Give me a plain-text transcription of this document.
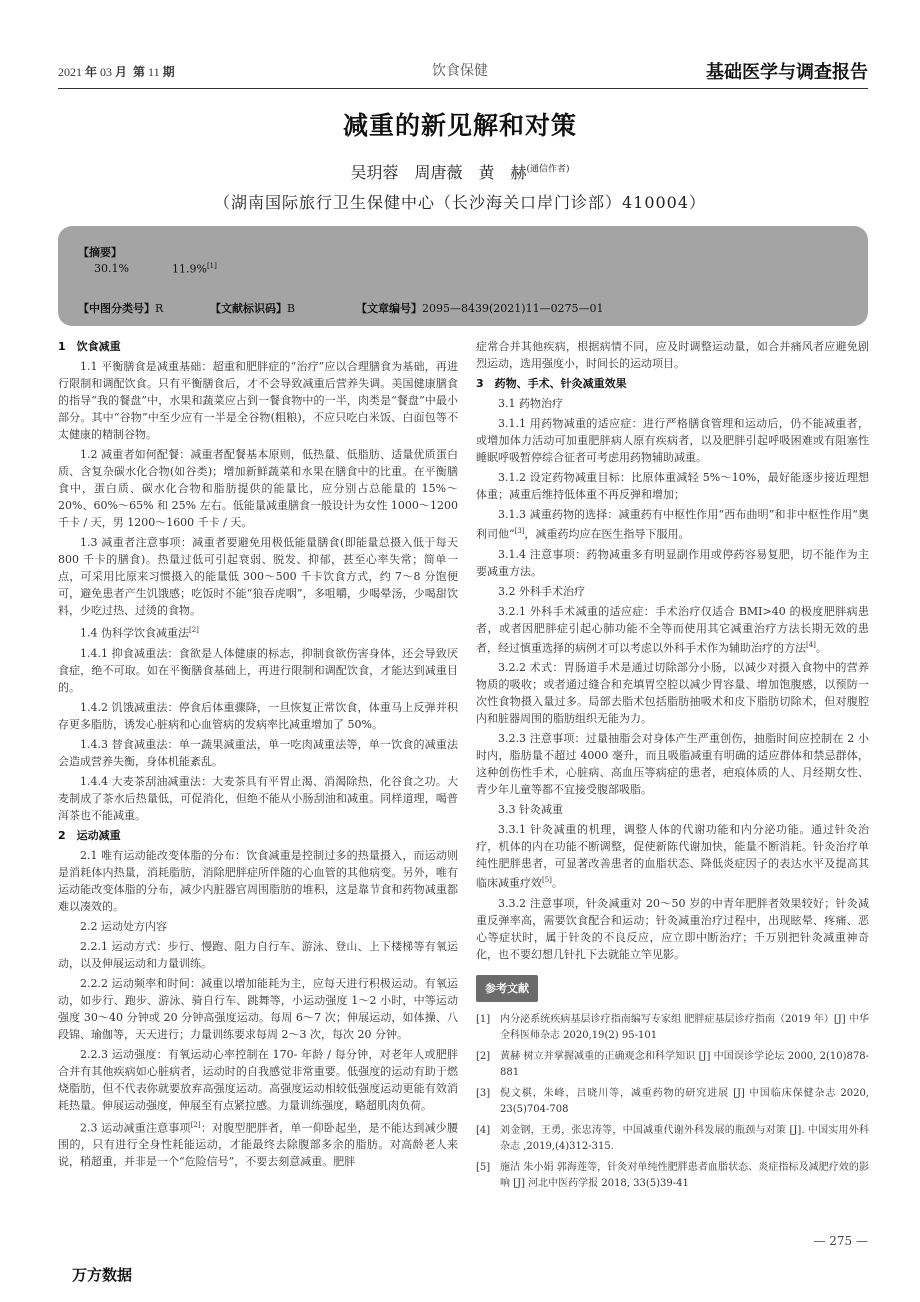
2021 年 03 月 第 11 期	饮食保健	基础医学与调查报告
减重的新见解和对策
吴玥蓉　周唐薇　黄　赫$^{(通信作者)}$
（湖南国际旅行卫生保健中心（长沙海关口岸门诊部）410004）
【摘要】
30.1%	11.9%[1]
【中图分类号】R	【文献标识码】B	【文章编号】2095—8439(2021)11—0275—01
1　饮食减重

1.1 平衡膳食是减重基础：超重和肥胖症的“治疗”应以合理膳食为基础，再进行限制和调配饮食。只有平衡膳食后，才不会导致减重后营养失调。美国健康膳食的指导“我的餐盘”中，水果和蔬菜应占到一餐食物中的一半，肉类是“餐盘”中最小部分。其中“谷物”中至少应有一半是全谷物(粗粮)，不应只吃白米饭、白面包等不太健康的精制谷物。

1.2 减重者如何配餐：减重者配餐基本原则，低热量、低脂肪、适量优质蛋白质、含复杂碳水化合物(如谷类)；增加新鲜蔬菜和水果在膳食中的比重。在平衡膳食中，蛋白质、碳水化合物和脂肪提供的能量比，应分别占总能量的 15%～20%、60%～65% 和 25% 左右。低能量减重膳食一般设计为女性 1000～1200 千卡 / 天，男 1200～1600 千卡 / 天。

1.3 减重者注意事项：减重者要避免用极低能量膳食(即能量总摄入低于每天 800 千卡的膳食)。热量过低可引起衰弱、脱发、抑郁，甚至心率失常；简单一点，可采用比原来习惯摄入的能量低 300～500 千卡饮食方式，约 7～8 分饱便可，避免患者产生饥饿感；吃饭时不能“狼吞虎咽”，多咀嚼，少喝晕汤，少喝甜饮料，少吃过热、过烫的食物。

1.4 伪科学饮食减重法[2]

1.4.1 抑食减重法：食欲是人体健康的标志，抑制食欲伤害身体，还会导致厌食症，绝不可取。如在平衡膳食基础上，再进行限制和调配饮食，才能达到减重目的。

1.4.2 饥饿减重法：停食后体重骤降，一旦恢复正常饮食，体重马上反弹并积存更多脂肪，诱发心脏病和心血管病的发病率比减重增加了 50%。

1.4.3 替食减重法：单一蔬果减重法，单一吃肉减重法等，单一饮食的减重法会造成营养失衡，身体机能紊乱。

1.4.4 大麦茶刮油减重法：大麦茶具有平胃止渴、消渴除热，化谷食之功。大麦制成了茶水后热量低，可促消化，但绝不能从小肠刮油和减重。同样道理，喝普洱茶也不能减重。

2　运动减重

2.1 唯有运动能改变体脂的分布：饮食减重是控制过多的热量摄入，而运动则是消耗体内热量，消耗脂肪，消除肥胖症所伴随的心血管的其他病变。另外，唯有运动能改变体脂的分布，减少内脏器官周围脂肪的堆积，这是靠节食和药物减重都难以凑效的。

2.2 运动处方内容

2.2.1 运动方式：步行、慢跑、阻力自行车、游泳、登山、上下楼梯等有氧运动，以及伸展运动和力量训练。

2.2.2 运动频率和时间：减重以增加能耗为主，应每天进行积极运动。有氧运动，如步行、跑步、游泳、骑自行车、跳舞等，小运动强度 1～2 小时，中等运动强度 30～40 分钟或 20 分钟高强度运动。每周 6～7 次；伸展运动，如体操、八段锦、瑜伽等，天天进行；力量训练要求每周 2～3 次，每次 20 分钟。

2.2.3 运动强度：有氧运动心率控制在 170- 年龄 / 每分钟，对老年人或肥胖合并有其他疾病如心脏病者，运动时的自我感觉非常重要。低强度的运动有助于燃烧脂肪，但不代表你就要放弃高强度运动。高强度运动相较低强度运动更能有效消耗热量。伸展运动强度，伸展至有点紧拉感。力量训练强度，略超肌肉负荷。

2.3 运动减重注意事项[2]：对腹型肥胖者，单一仰卧起坐，是不能达到减少腰围的，只有进行全身性耗能运动，才能最终去除腹部多余的脂肪。对高龄老人来说，稍超重，并非是一个“危险信号”，不要去刻意减重。肥胖

症常合并其他疾病，根据病情不同，应及时调整运动量，如合并痛风者应避免剧烈运动，选用强度小，时间长的运动项目。

3　药物、手术、针灸减重效果

3.1 药物治疗

3.1.1 用药物减重的适应症：进行严格膳食管理和运动后，仍不能减重者，或增加体力活动可加重肥胖病人原有疾病者，以及肥胖引起呼吸困难或有阻塞性睡眠呼吸暂停综合征者可考虑用药物辅助减重。

3.1.2 设定药物减重目标：比原体重减轻 5%～10%，最好能逐步接近理想体重；减重后维持低体重不再反弹和增加；

3.1.3 减重药物的选择：减重药有中枢性作用“西布曲明”和非中枢性作用“奥利司他”[3]，减重药均应在医生指导下服用。

3.1.4 注意事项：药物减重多有明显副作用或停药容易复肥，切不能作为主要减重方法。

3.2 外科手术治疗

3.2.1 外科手术减重的适应症：手术治疗仅适合 BMI>40 的极度肥胖病患者，或者因肥胖症引起心肺功能不全等而使用其它减重治疗方法长期无效的患者，经过慎重选择的病例才可以考虑以外科手术作为辅助治疗的方法[4]。

3.2.2 术式：胃肠道手术是通过切除部分小肠，以减少对摄入食物中的营养物质的吸收；或者通过缝合和充填胃空腔以减少胃容量、增加饱腹感，以预防一次性食物摄入量过多。局部去脂术包括脂肪抽吸术和皮下脂肪切除术，但对腹腔内和脏器周围的脂肪组织无能为力。

3.2.3 注意事项：过量抽脂会对身体产生严重创伤，抽脂时间应控制在 2 小时内，脂肪量不超过 4000 毫升，而且吸脂减重有明确的适应群体和禁忌群体，这种创伤性手术，心脏病、高血压等病症的患者，疤痕体质的人、月经期女性、青少年儿童等都不宜接受腹部吸脂。

3.3 针灸减重

3.3.1 针灸减重的机理，调整人体的代谢功能和内分泌功能。通过针灸治疗，机体的内在功能不断调整，促使新陈代谢加快，能量不断消耗。针灸治疗单纯性肥胖患者，可显著改善患者的血脂状态、降低炎症因子的表达水平及提高其临床减重疗效[5]。

3.3.2 注意事项，针灸减重对 20～50 岁的中青年肥胖者效果较好；针灸减重反弹率高，需要饮食配合和运动；针灸减重治疗过程中，出现眩晕、疼痛、恶心等症状时，属于针灸的不良反应，应立即中断治疗；千万别把针灸减重神奇化，也不要幻想几针扎下去就能立竿见影。

参考文献
[1] 内分泌系统疾病基层诊疗指南编写专家组 肥胖症基层诊疗指南（2019 年）[J] 中华全科医师杂志 2020,19(2) 95-101
[2] 黄赫 树立并掌握减重的正确观念和科学知识 [J] 中国误诊学论坛 2000, 2(10)878-881
[3] 倪文棋，朱峰，吕晓川等，减重药物的研究进展 [J] 中国临床保健杂志 2020, 23(5)704-708
[4] 刘金钢，王勇，张忠涛等，中国减重代谢外科发展的瓶颈与对策 [J]. 中国实用外科杂志 ,2019,(4)312-315.
[5] 施洁 朱小娟 郭海莲等，针灸对单纯性肥胖患者血脂状态、炎症指标及减肥疗效的影响 [J] 河北中医药学报 2018, 33(5)39-41
— 275 —
万方数据
